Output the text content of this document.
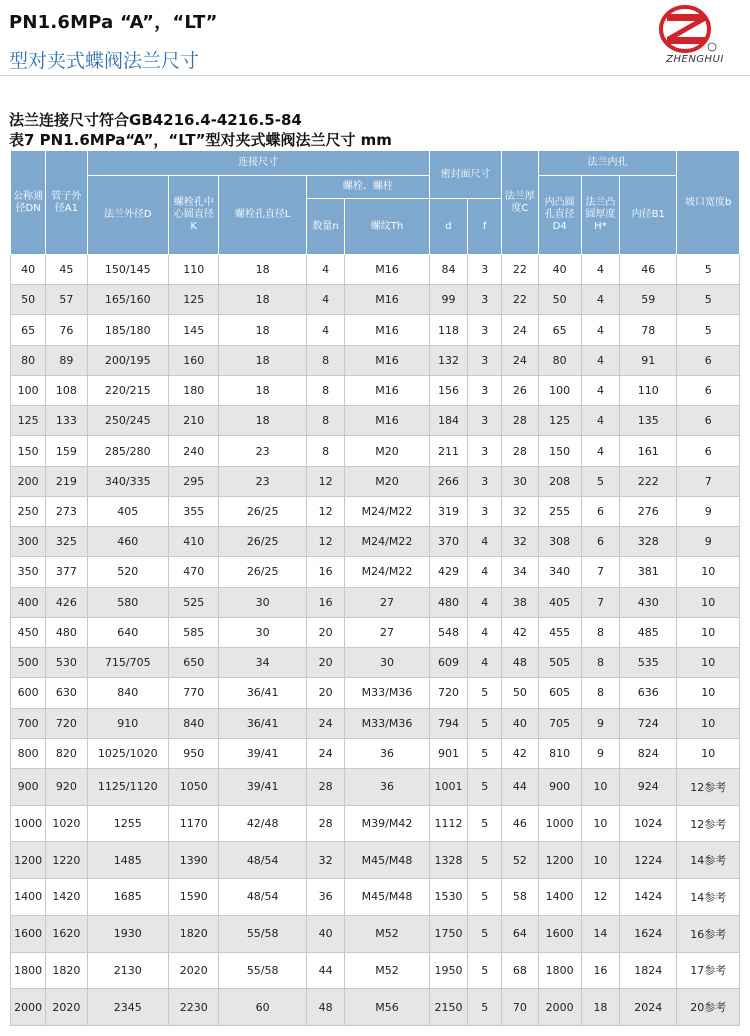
PN1.6MPa “A”，“LT”
型对夹式蝶阀法兰尺寸	ZHENGHUI
法兰连接尺寸符合GB4216.4-4216.5-84
表7 PN1.6MPa“A”，“LT”型对夹式蝶阀法兰尺寸 mm
公称通径DN	管子外径A1	连接尺寸					密封面尺寸		法兰厚度C	法兰内孔			坡口宽度b
		法兰外径D	螺栓孔中心圆直径K	螺栓孔直径L	螺栓、螺柱					内凸圆孔直径D4	法兰凸圆厚度H*	内径B1	
					数量n	螺纹Th	d	f					
40	45	150/145	110	18	4	M16	84	3	22	40	4	46	5
50	57	165/160	125	18	4	M16	99	3	22	50	4	59	5
65	76	185/180	145	18	4	M16	118	3	24	65	4	78	5
80	89	200/195	160	18	8	M16	132	3	24	80	4	91	6
100	108	220/215	180	18	8	M16	156	3	26	100	4	110	6
125	133	250/245	210	18	8	M16	184	3	28	125	4	135	6
150	159	285/280	240	23	8	M20	211	3	28	150	4	161	6
200	219	340/335	295	23	12	M20	266	3	30	208	5	222	7
250	273	405	355	26/25	12	M24/M22	319	3	32	255	6	276	9
300	325	460	410	26/25	12	M24/M22	370	4	32	308	6	328	9
350	377	520	470	26/25	16	M24/M22	429	4	34	340	7	381	10
400	426	580	525	30	16	27	480	4	38	405	7	430	10
450	480	640	585	30	20	27	548	4	42	455	8	485	10
500	530	715/705	650	34	20	30	609	4	48	505	8	535	10
600	630	840	770	36/41	20	M33/M36	720	5	50	605	8	636	10
700	720	910	840	36/41	24	M33/M36	794	5	40	705	9	724	10
800	820	1025/1020	950	39/41	24	36	901	5	42	810	9	824	10
900	920	1125/1120	1050	39/41	28	36	1001	5	44	900	10	924	12参考
1000	1020	1255	1170	42/48	28	M39/M42	1112	5	46	1000	10	1024	12参考
1200	1220	1485	1390	48/54	32	M45/M48	1328	5	52	1200	10	1224	14参考
1400	1420	1685	1590	48/54	36	M45/M48	1530	5	58	1400	12	1424	14参考
1600	1620	1930	1820	55/58	40	M52	1750	5	64	1600	14	1624	16参考
1800	1820	2130	2020	55/58	44	M52	1950	5	68	1800	16	1824	17参考
2000	2020	2345	2230	60	48	M56	2150	5	70	2000	18	2024	20参考
